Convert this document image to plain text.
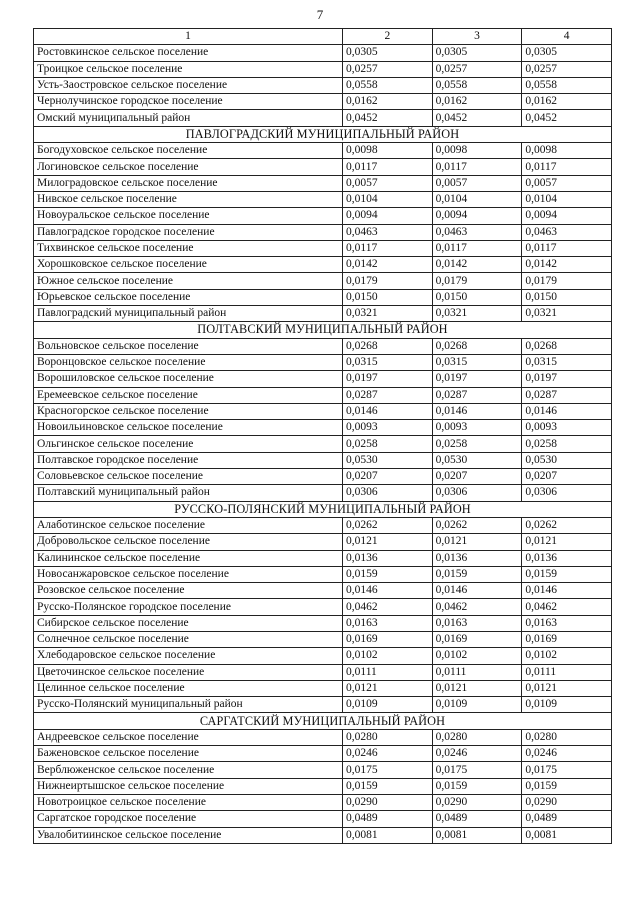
7
1	2	3	4
Ростовкинское сельское поселение	0,0305	0,0305	0,0305
Троицкое сельское поселение	0,0257	0,0257	0,0257
Усть-Заостровское сельское поселение	0,0558	0,0558	0,0558
Чернолучинское городское поселение	0,0162	0,0162	0,0162
Омский муниципальный район	0,0452	0,0452	0,0452
ПАВЛОГРАДСКИЙ МУНИЦИПАЛЬНЫЙ РАЙОН			
Богодуховское сельское поселение	0,0098	0,0098	0,0098
Логиновское сельское поселение	0,0117	0,0117	0,0117
Милоградовское сельское поселение	0,0057	0,0057	0,0057
Нивское сельское поселение	0,0104	0,0104	0,0104
Новоуральское сельское поселение	0,0094	0,0094	0,0094
Павлоградское городское поселение	0,0463	0,0463	0,0463
Тихвинское сельское поселение	0,0117	0,0117	0,0117
Хорошковское сельское поселение	0,0142	0,0142	0,0142
Южное сельское поселение	0,0179	0,0179	0,0179
Юрьевское сельское поселение	0,0150	0,0150	0,0150
Павлоградский муниципальный район	0,0321	0,0321	0,0321
ПОЛТАВСКИЙ МУНИЦИПАЛЬНЫЙ РАЙОН			
Вольновское сельское поселение	0,0268	0,0268	0,0268
Воронцовское сельское поселение	0,0315	0,0315	0,0315
Ворошиловское сельское поселение	0,0197	0,0197	0,0197
Еремеевское сельское поселение	0,0287	0,0287	0,0287
Красногорское сельское поселение	0,0146	0,0146	0,0146
Новоильиновское сельское поселение	0,0093	0,0093	0,0093
Ольгинское сельское поселение	0,0258	0,0258	0,0258
Полтавское городское поселение	0,0530	0,0530	0,0530
Соловьевское сельское поселение	0,0207	0,0207	0,0207
Полтавский муниципальный район	0,0306	0,0306	0,0306
РУССКО-ПОЛЯНСКИЙ МУНИЦИПАЛЬНЫЙ РАЙОН			
Алаботинское сельское поселение	0,0262	0,0262	0,0262
Добровольское сельское поселение	0,0121	0,0121	0,0121
Калининское сельское поселение	0,0136	0,0136	0,0136
Новосанжаровское сельское поселение	0,0159	0,0159	0,0159
Розовское сельское поселение	0,0146	0,0146	0,0146
Русско-Полянское городское поселение	0,0462	0,0462	0,0462
Сибирское сельское поселение	0,0163	0,0163	0,0163
Солнечное сельское поселение	0,0169	0,0169	0,0169
Хлебодаровское сельское поселение	0,0102	0,0102	0,0102
Цветочинское сельское поселение	0,0111	0,0111	0,0111
Целинное сельское поселение	0,0121	0,0121	0,0121
Русско-Полянский муниципальный район	0,0109	0,0109	0,0109
САРГАТСКИЙ МУНИЦИПАЛЬНЫЙ РАЙОН			
Андреевское сельское поселение	0,0280	0,0280	0,0280
Баженовское сельское поселение	0,0246	0,0246	0,0246
Верблюженское сельское поселение	0,0175	0,0175	0,0175
Нижнеиртышское сельское поселение	0,0159	0,0159	0,0159
Новотроицкое сельское поселение	0,0290	0,0290	0,0290
Саргатское городское поселение	0,0489	0,0489	0,0489
Увалобитиинское сельское поселение	0,0081	0,0081	0,0081
